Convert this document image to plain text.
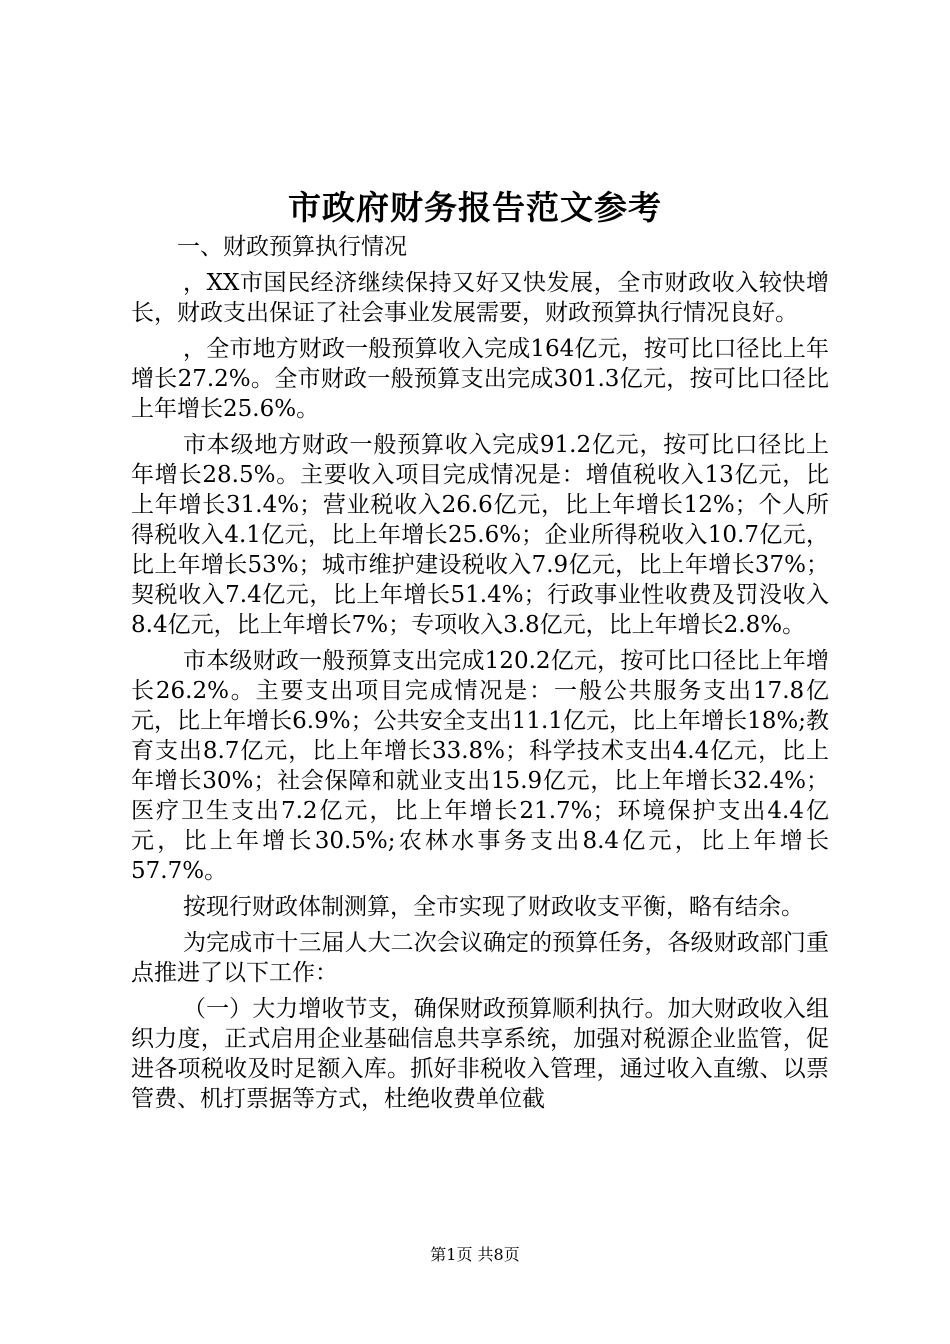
市政府财务报告范文参考

一、财政预算执行情况

，XX市国民经济继续保持又好又快发展，全市财政收入较快增长，财政支出保证了社会事业发展需要，财政预算执行情况良好。

，全市地方财政一般预算收入完成164亿元，按可比口径比上年增长27.2%。全市财政一般预算支出完成301.3亿元，按可比口径比上年增长25.6%。

市本级地方财政一般预算收入完成91.2亿元，按可比口径比上年增长28.5%。主要收入项目完成情况是：增值税收入13亿元，比上年增长31.4%；营业税收入26.6亿元，比上年增长12%；个人所得税收入4.1亿元，比上年增长25.6%；企业所得税收入10.7亿元，比上年增长53%；城市维护建设税收入7.9亿元，比上年增长37%；契税收入7.4亿元，比上年增长51.4%；行政事业性收费及罚没收入8.4亿元，比上年增长7%；专项收入3.8亿元，比上年增长2.8%。

市本级财政一般预算支出完成120.2亿元，按可比口径比上年增长26.2%。主要支出项目完成情况是：一般公共服务支出17.8亿元，比上年增长6.9%；公共安全支出11.1亿元，比上年增长18%;教育支出8.7亿元，比上年增长33.8%；科学技术支出4.4亿元，比上年增长30%；社会保障和就业支出15.9亿元，比上年增长32.4%；医疗卫生支出7.2亿元，比上年增长21.7%；环境保护支出4.4亿元，比上年增长30.5%;农林水事务支出8.4亿元，比上年增长57.7%。

按现行财政体制测算，全市实现了财政收支平衡，略有结余。

为完成市十三届人大二次会议确定的预算任务，各级财政部门重点推进了以下工作：

（一）大力增收节支，确保财政预算顺利执行。加大财政收入组织力度，正式启用企业基础信息共享系统，加强对税源企业监管，促进各项税收及时足额入库。抓好非税收入管理，通过收入直缴、以票管费、机打票据等方式，杜绝收费单位截

第1页 共8页
